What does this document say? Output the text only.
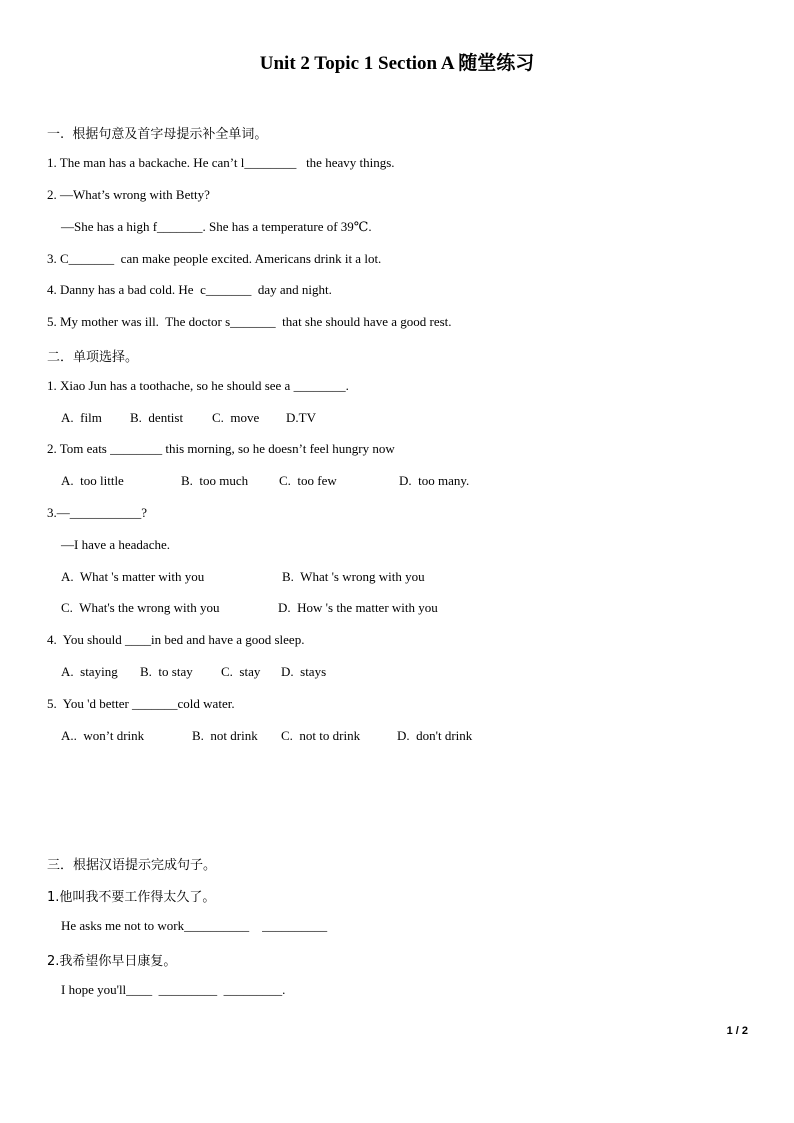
Unit 2 Topic 1 Section A 随堂练习
一.  根据句意及首字母提示补全单词。
1. The man has a backache. He can’t l________   the heavy things.
2. —What’s wrong with Betty?
—She has a high f_______. She has a temperature of 39℃.
3. C_______  can make people excited. Americans drink it a lot.
4. Danny has a bad cold. He  c_______  day and night.
5. My mother was ill.  The doctor s_______  that she should have a good rest.
二．单项选择。
1. Xiao Jun has a toothache, so he should see a ________.
A.  film B.  dentist C.  move D.TV
2. Tom eats ________ this morning, so he doesn’t feel hungry now
A.  too little	B.  too much C.  too few	D.  too many.
3.—___________?
—I have a headache.
A.  What 's matter with you	B.  What 's wrong with you
C.  What's the wrong with you	D.  How 's the matter with you
4.  You should ____in bed and have a good sleep.
A.  staying B.  to stay C.  stay D.  stays
5.  You 'd better _______cold water.
A..  won’t drink	B.  not drink C.  not to drink	D.  don't drink
三．根据汉语提示完成句子。
1.他叫我不要工作得太久了。
He asks me not to work__________    __________
2.我希望你早日康复。
I hope you'll____  _________  _________.
1 / 2
